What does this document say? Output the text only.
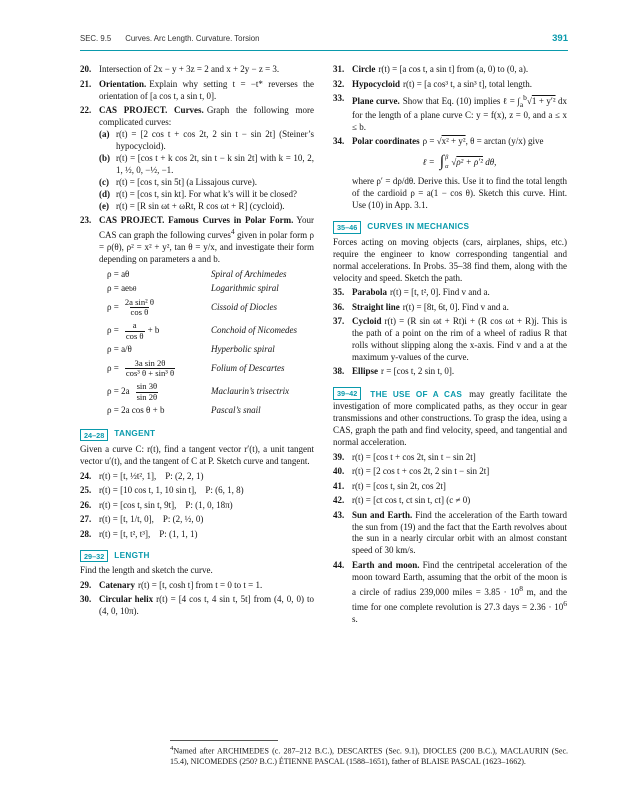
SEC. 9.5 Curves. Arc Length. Curvature. Torsion	391
20. Intersection of 2x − y + 3z = 2 and x + 2y − z = 3.
21. Orientation. Explain why setting t = −t* reverses the orientation of [a cos t, a sin t, 0].
22. CAS PROJECT. Curves. Graph the following more complicated curves:
(a) r(t) = [2 cos t + cos 2t, 2 sin t − sin 2t] (Steiner’s hypocycloid).
(b) r(t) = [cos t + k cos 2t, sin t − k sin 2t] with k = 10, 2, 1, ½, 0, −½, −1.
(c) r(t) = [cos t, sin 5t] (a Lissajous curve).
(d) r(t) = [cos t, sin kt]. For what k’s will it be closed?
(e) r(t) = [R sin ωt + ωRt, R cos ωt + R] (cycloid).
23. CAS PROJECT. Famous Curves in Polar Form. Your CAS can graph the following curves$^4$ given in polar form ρ = ρ(θ), ρ² = x² + y², tan θ = y/x, and investigate their form depending on parameters a and b.
ρ = aθ	Spiral of Archimedes
ρ = ae bθ	Logarithmic spiral
$\rho = \frac{\text{2a sin² θ}}{\text{cos θ}}$	Cissoid of Diocles
$\rho = \frac{a}{\text{cos θ}} + b$	Conchoid of Nicomedes
ρ = a/θ	Hyperbolic spiral
$\rho = \frac{\text{3a sin 2θ}}{\text{cos³ θ + sin³ θ}}$	Folium of Descartes
$\rho = 2a \frac{\sin 3\theta}{\sin 2\theta}$	Maclaurin’s trisectrix
ρ = 2a cos θ + b	Pascal’s snail
24–28	TANGENT
Given a curve C: r(t), find a tangent vector r′(t), a unit tangent vector u′(t), and the tangent of C at P. Sketch curve and tangent.
24. r(t) = [t, ½t², 1],  P: (2, 2, 1)
25. r(t) = [10 cos t, 1, 10 sin t],  P: (6, 1, 8)
26. r(t) = [cos t, sin t, 9t],  P: (1, 0, 18π)
27. r(t) = [t, 1/t, 0],  P: (2, ½, 0)
28. r(t) = [t, t², t³],  P: (1, 1, 1)
29–32	LENGTH
Find the length and sketch the curve.
29. Catenary r(t) = [t, cosh t] from t = 0 to t = 1.
30. Circular helix r(t) = [4 cos t, 4 sin t, 5t] from (4, 0, 0) to (4, 0, 10π).
31. Circle r(t) = [a cos t, a sin t] from (a, 0) to (0, a).
32. Hypocycloid r(t) = [a cos³ t, a sin³ t], total length.
33. Plane curve. Show that Eq. (10) implies ℓ = $\int_a^b√1 + y'^2$ dx for the length of a plane curve C: y = f(x), z = 0, and a ≤ x ≤ b.
34. Polar coordinates ρ = √x² + y², θ = arctan (y/x) give
ℓ = ∫ β
α √ρ² + ρ′² dθ,
where ρ′ = dρ/dθ. Derive this. Use it to find the total length of the cardioid ρ = a(1 − cos θ). Sketch this curve. Hint. Use (10) in App. 3.1.
35–46	CURVES IN MECHANICS
Forces acting on moving objects (cars, airplanes, ships, etc.) require the engineer to know corresponding tangential and normal accelerations. In Probs. 35–38 find them, along with the velocity and speed. Sketch the path.
35. Parabola r(t) = [t, t², 0]. Find v and a.
36. Straight line r(t) = [8t, 6t, 0]. Find v and a.
37. Cycloid r(t) = (R sin ωt + Rt)i + (R cos ωt + R)j. This is the path of a point on the rim of a wheel of radius R that rolls without slipping along the x-axis. Find v and a at the maximum y-values of the curve.
38. Ellipse r = [cos t, 2 sin t, 0].
39–42 THE USE OF A CAS may greatly facilitate the investigation of more complicated paths, as they occur in gear transmissions and other constructions. To grasp the idea, using a CAS, graph the path and find velocity, speed, and tangential and normal acceleration.
39. r(t) = [cos t + cos 2t, sin t − sin 2t]
40. r(t) = [2 cos t + cos 2t, 2 sin t − sin 2t]
41. r(t) = [cos t, sin 2t, cos 2t]
42. r(t) = [ct cos t, ct sin t, ct] (c ≠ 0)
43. Sun and Earth. Find the acceleration of the Earth toward the sun from (19) and the fact that the Earth revolves about the sun in a nearly circular orbit with an almost constant speed of 30 km/s.
44. Earth and moon. Find the centripetal acceleration of the moon toward Earth, assuming that the orbit of the moon is a circle of radius 239,000 miles = $3.85 \cdot 10^8$ m, and the time for one complete revolution is 27.3 days = $2.36 \cdot 10^6$ s.
$^4$Named after ARCHIMEDES (c. 287–212 B.C.), DESCARTES (Sec. 9.1), DIOCLES (200 B.C.), MACLAURIN (Sec. 15.4), NICOMEDES (250? B.C.) ÉTIENNE PASCAL (1588–1651), father of BLAISE PASCAL (1623–1662).
